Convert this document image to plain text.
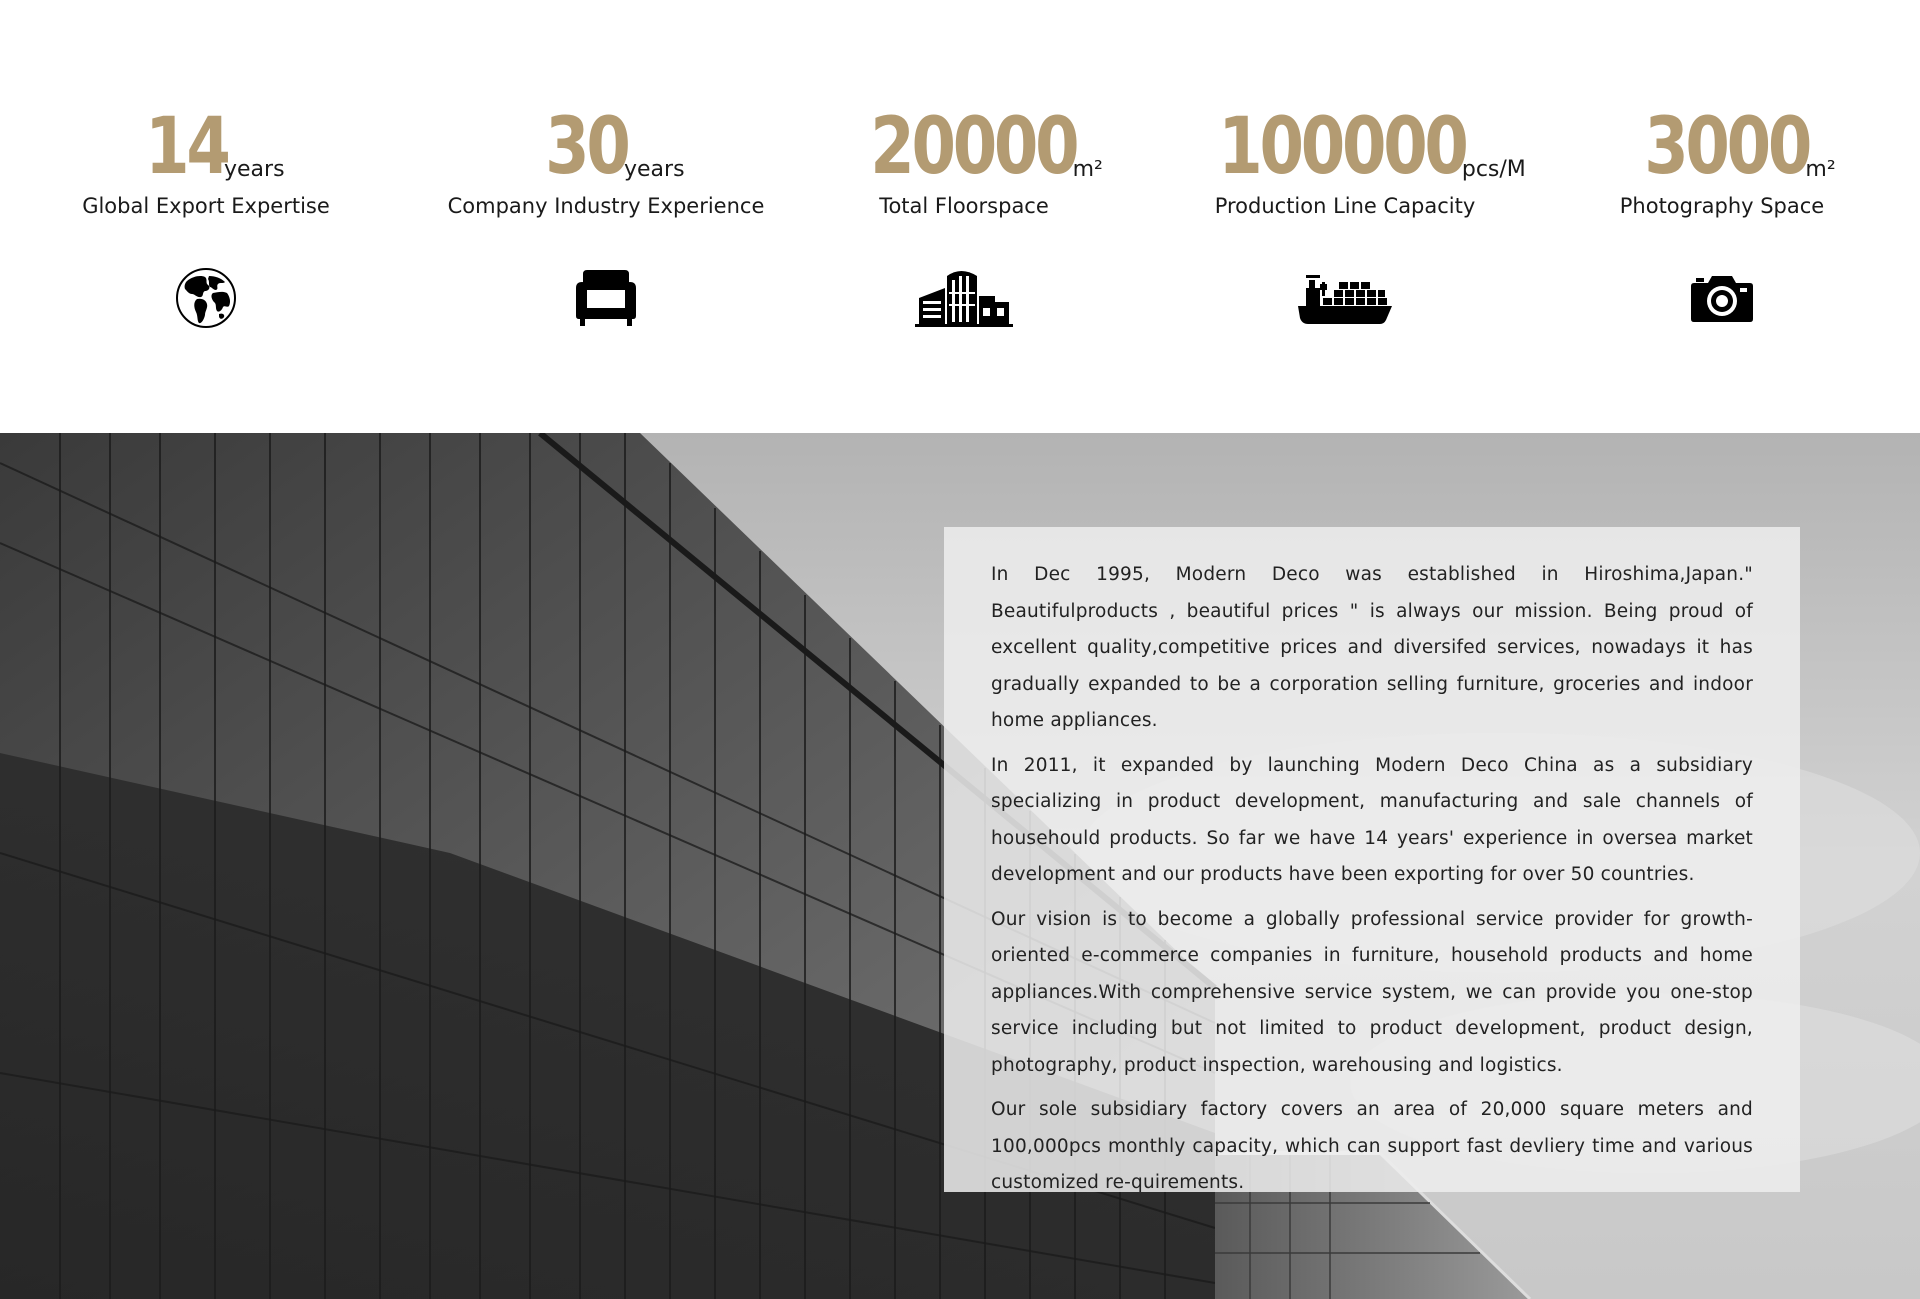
14
years
Global Export Expertise
30
years
Company Industry Experience
20000
m²
Total Floorspace
100000
pcs/M
Production Line Capacity
3000
m²
Photography Space

In Dec 1995, Modern Deco was established in Hiroshima,Japan." Beautifulproducts , beautiful prices " is always our mission. Being proud of excellent quality,competitive prices and diversifed services, nowadays it has gradually expanded to be a corporation selling furniture, groceries and indoor home appliances.

In 2011, it expanded by launching Modern Deco China as a subsidiary specializing in product development, manufacturing and sale channels of househould products. So far we have 14 years' experience in oversea market development and our products have been exporting for over 50 countries.

Our vision is to become a globally professional service provider for growth-oriented e-commerce companies in furniture, household products and home appliances.With comprehensive service system, we can provide you one-stop service including but not limited to product development, product design, photography, product inspection, warehousing and logistics.

Our sole subsidiary factory covers an area of 20,000 square meters and 100,000pcs monthly capacity, which can support fast devliery time and various customized re-quirements.
